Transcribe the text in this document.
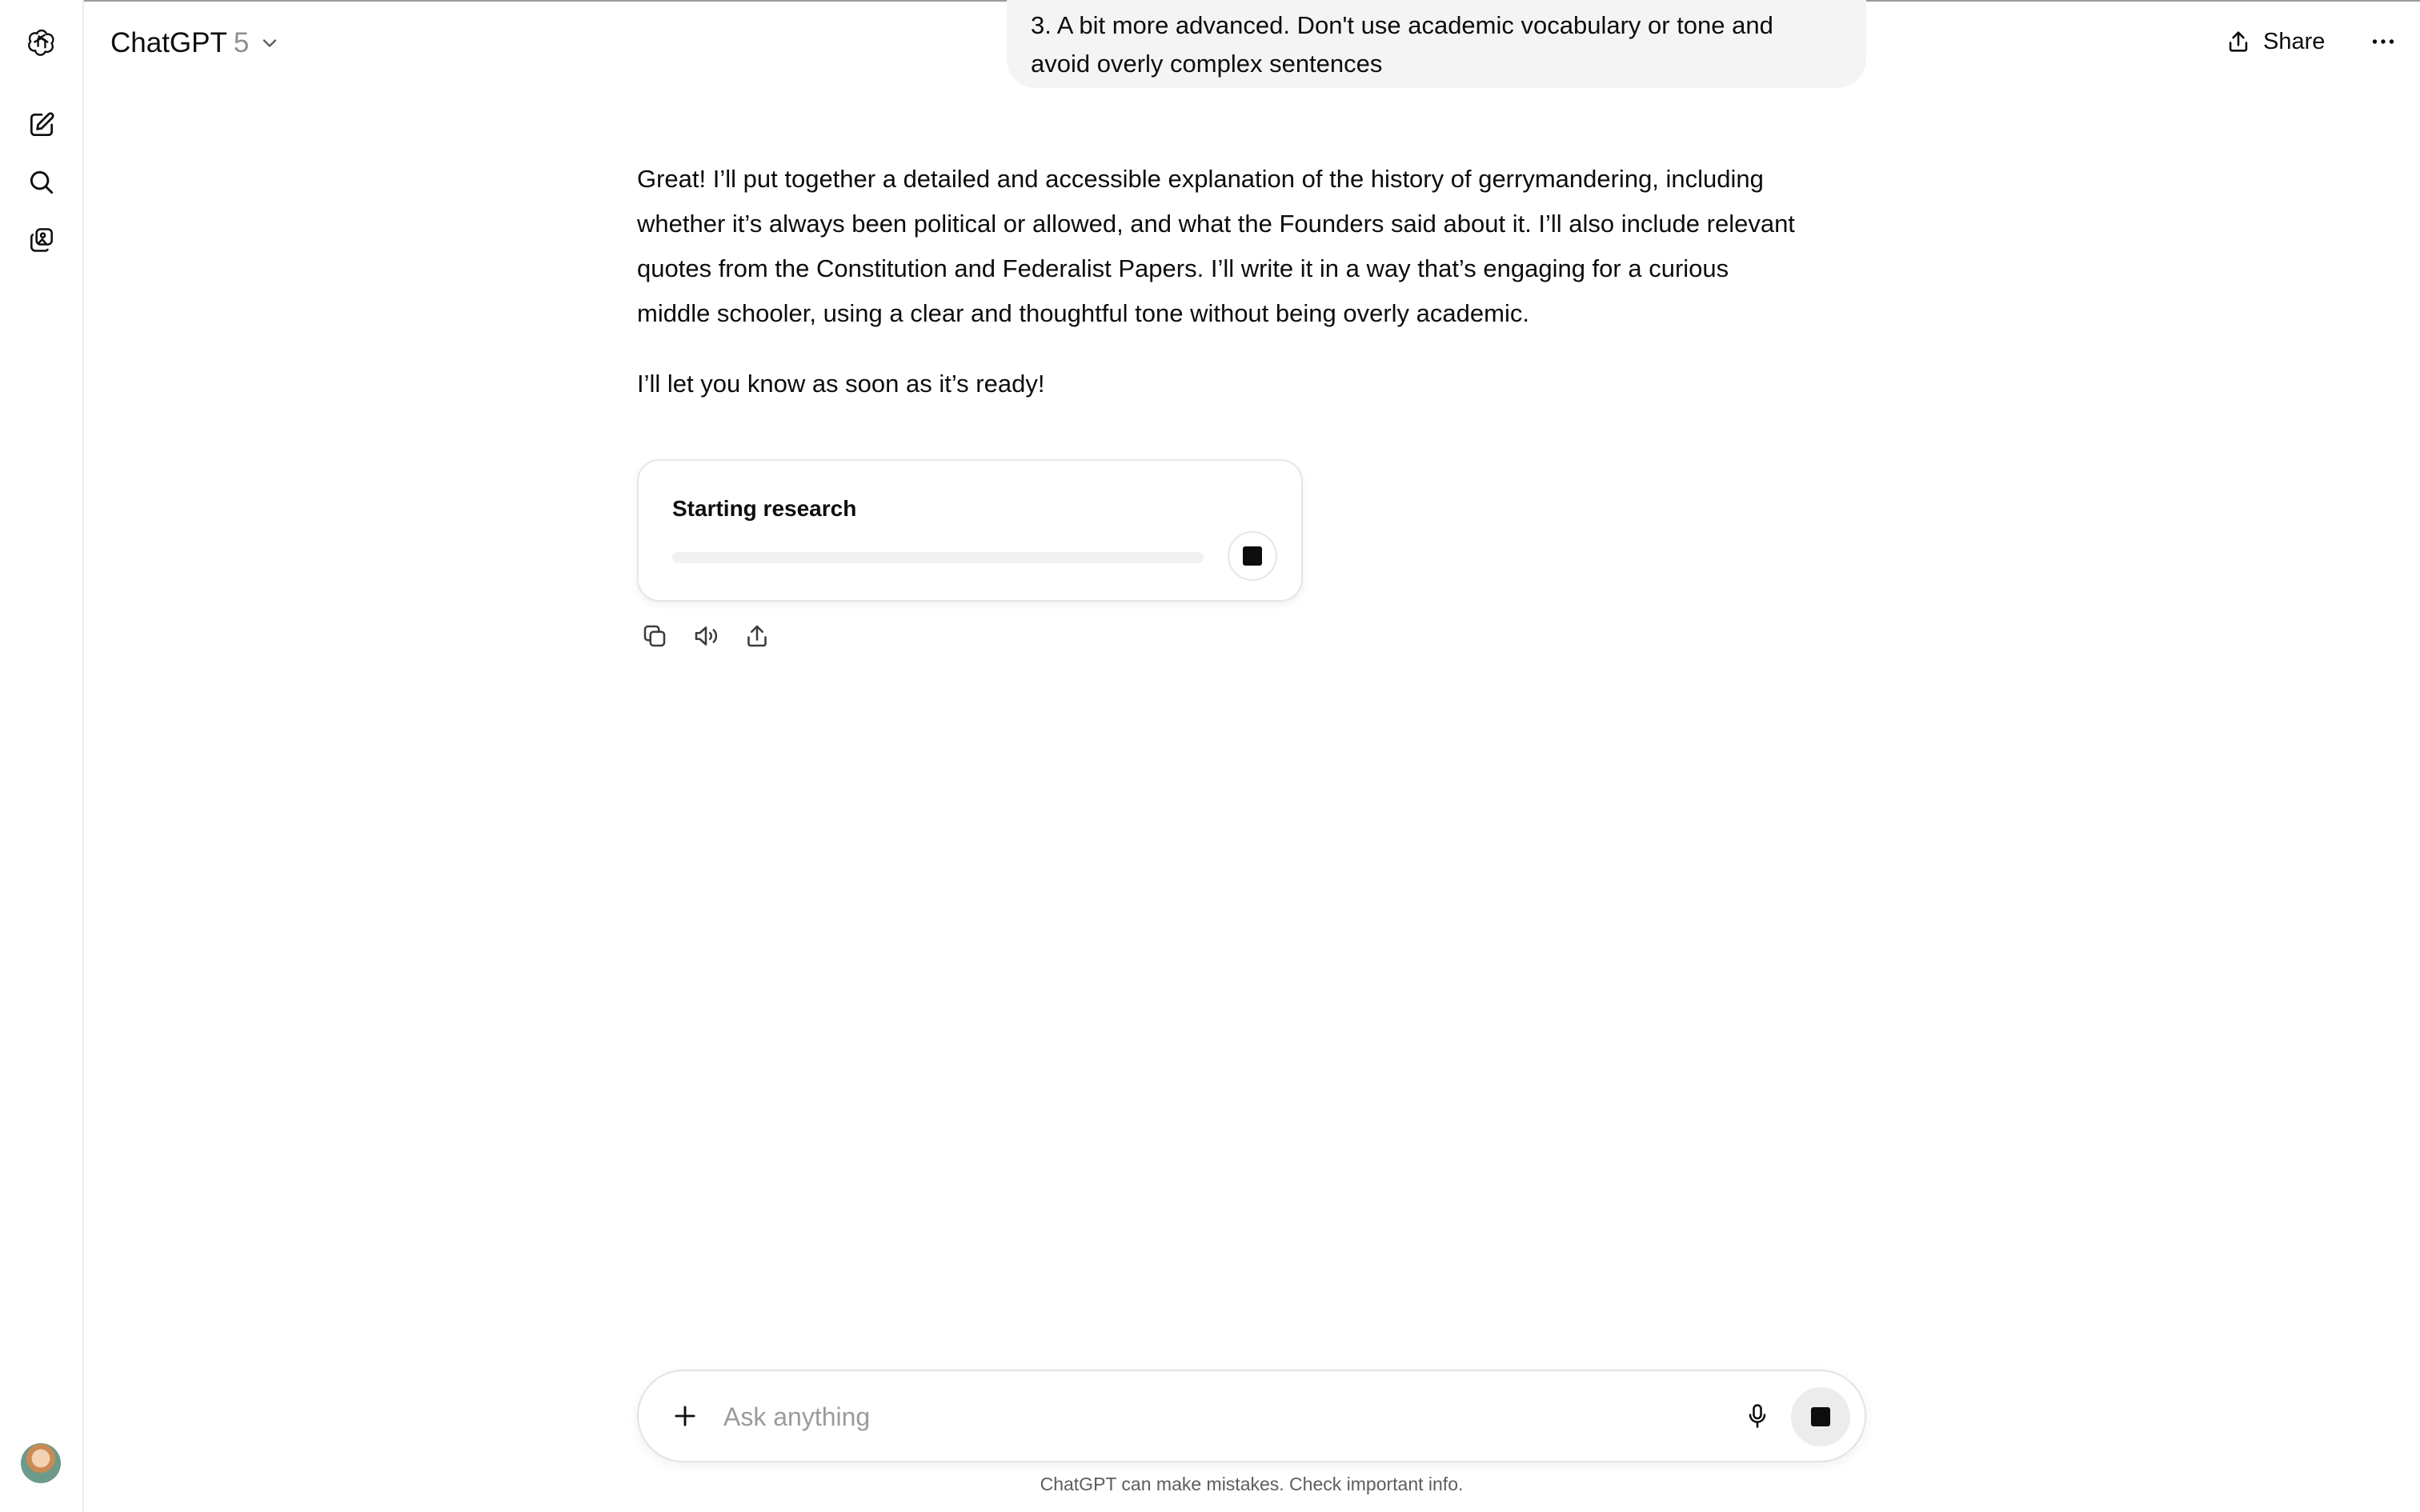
ChatGPT 5	Share
3. A bit more advanced. Don't use academic vocabulary or tone and
avoid overly complex sentences

Great! I’ll put together a detailed and accessible explanation of the history of gerrymandering, including
whether it’s always been political or allowed, and what the Founders said about it. I’ll also include relevant
quotes from the Constitution and Federalist Papers. I’ll write it in a way that’s engaging for a curious
middle schooler, using a clear and thoughtful tone without being overly academic.

I’ll let you know as soon as it’s ready!

Starting research
Ask anything
ChatGPT can make mistakes. Check important info.
